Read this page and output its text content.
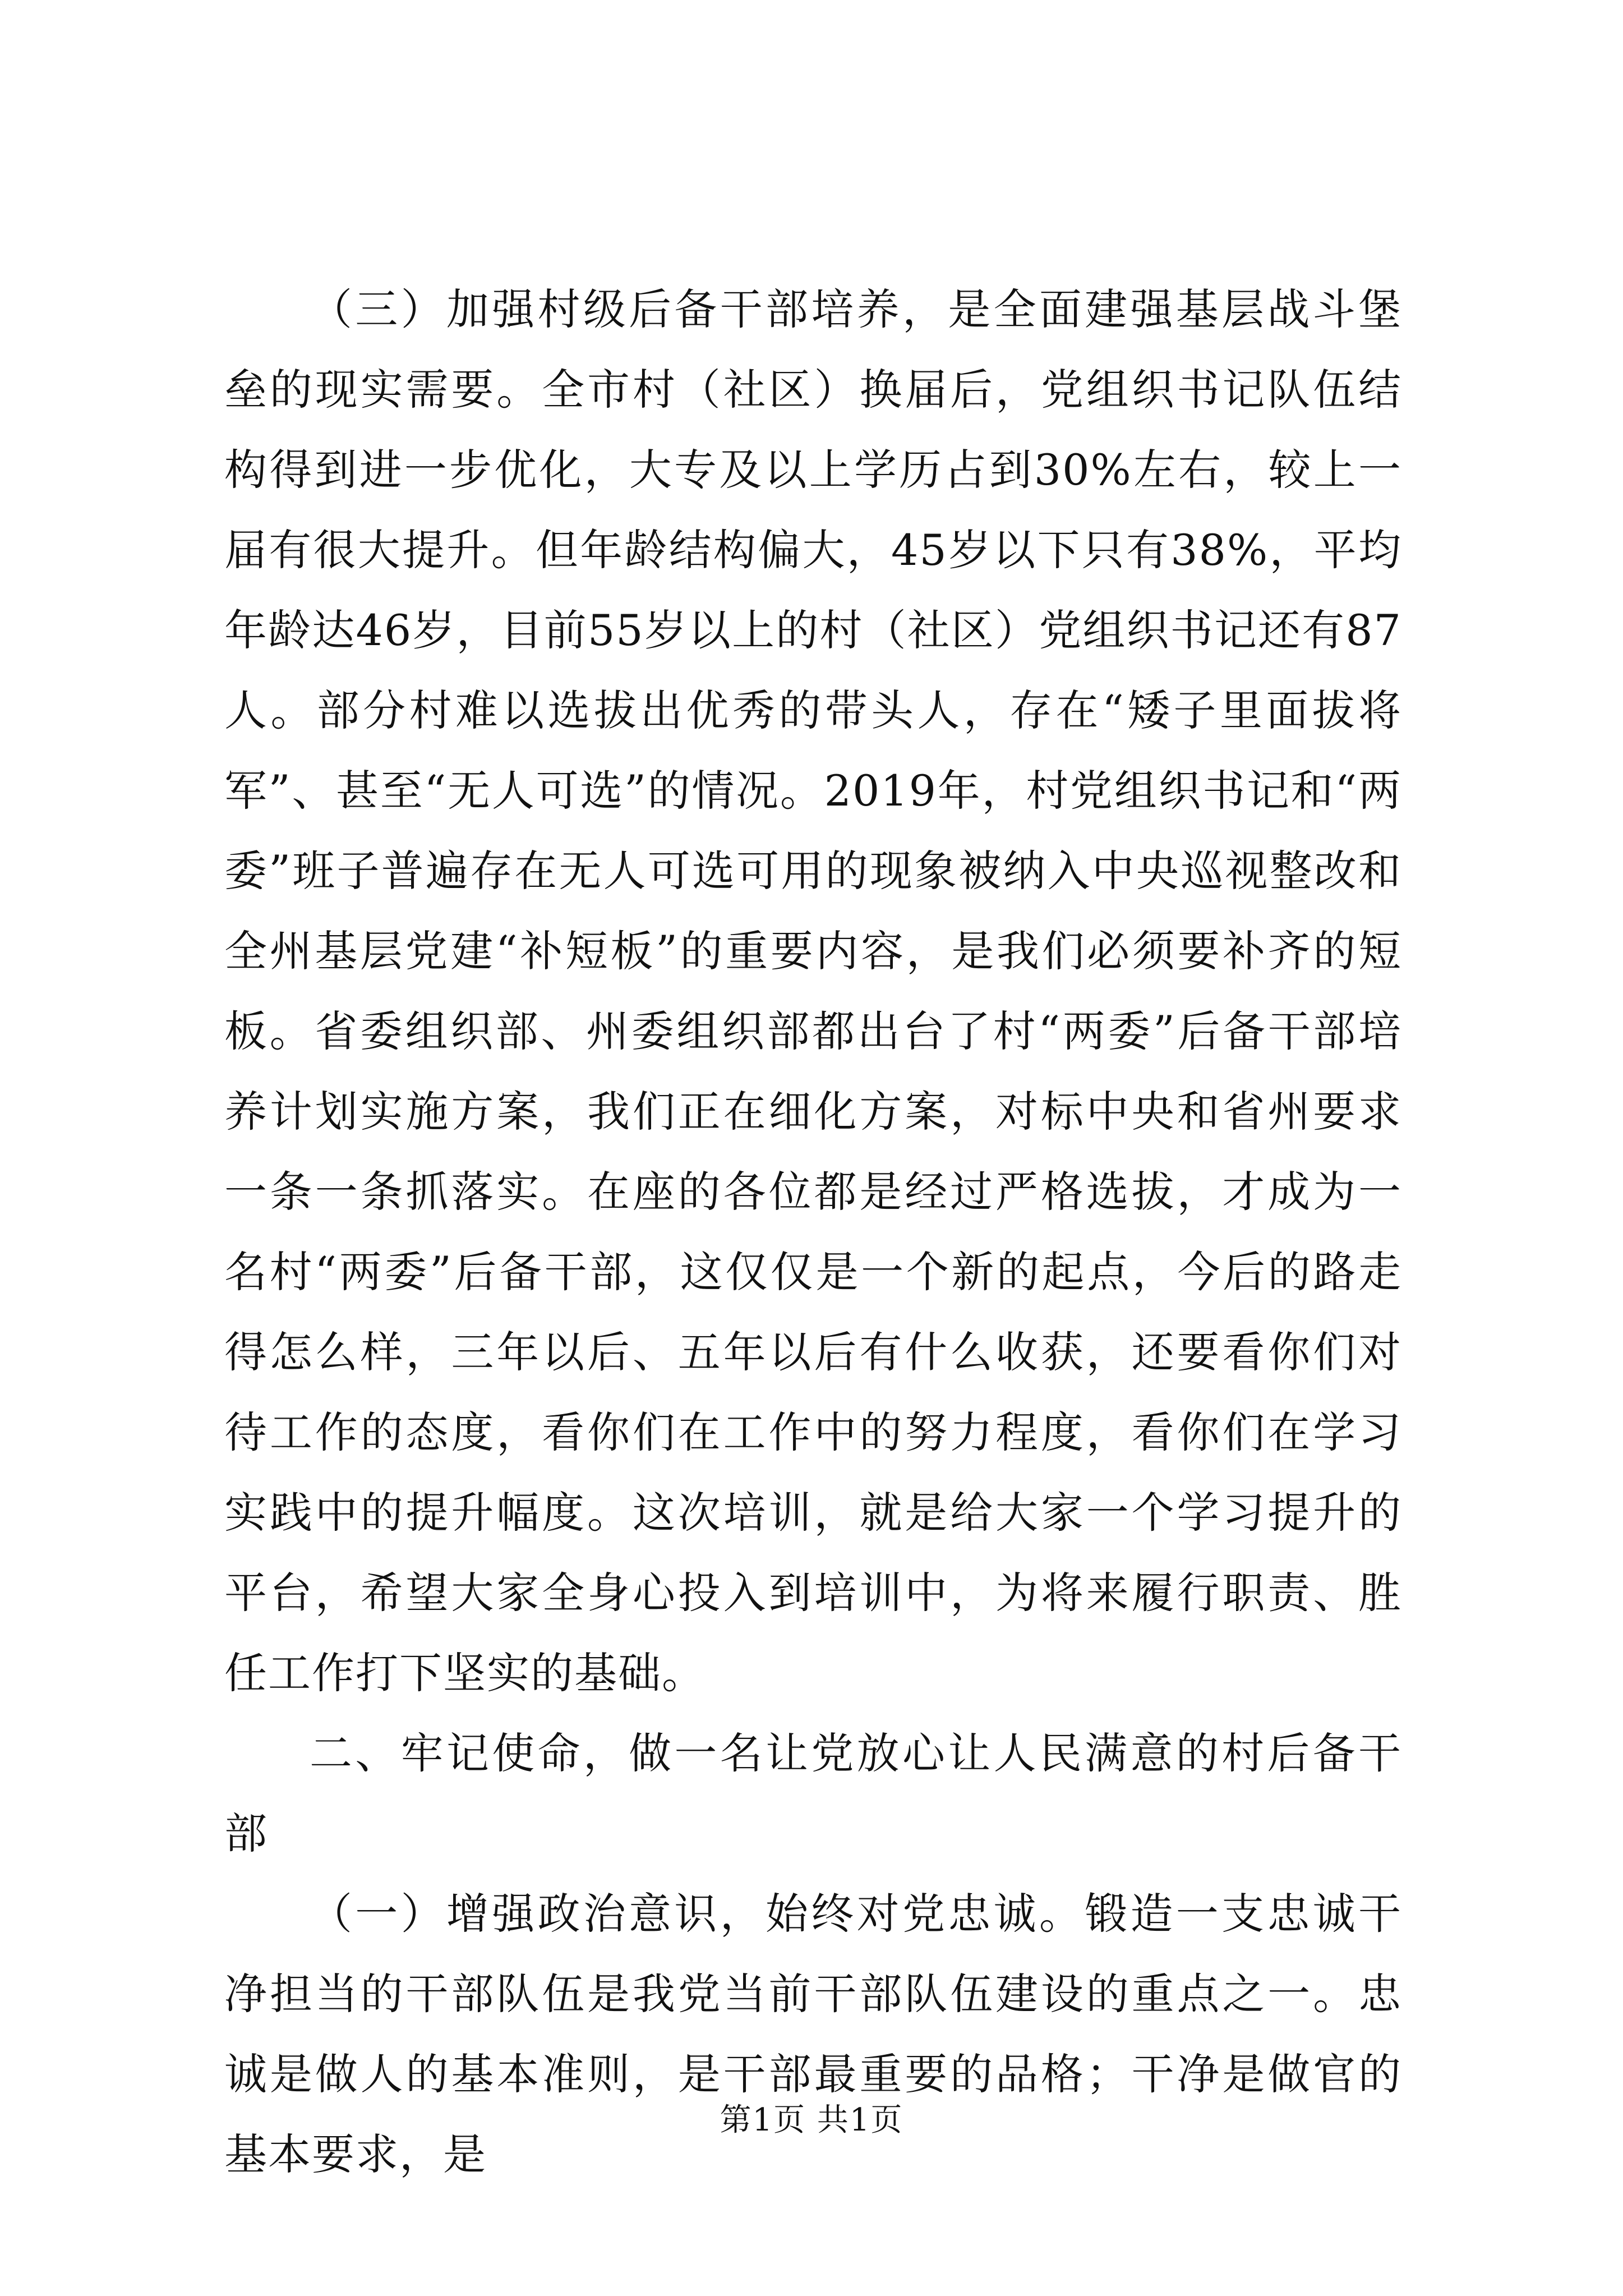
（三）加强村级后备干部培养，是全面建强基层战斗堡垒的现实需要。全市村（社区）换届后，党组织书记队伍结构得到进一步优化，大专及以上学历占到30%左右，较上一届有很大提升。但年龄结构偏大，45岁以下只有38%，平均年龄达46岁，目前55岁以上的村（社区）党组织书记还有87人。部分村难以选拔出优秀的带头人，存在“矮子里面拔将军”、甚至“无人可选”的情况。2019年，村党组织书记和“两委”班子普遍存在无人可选可用的现象被纳入中央巡视整改和全州基层党建“补短板”的重要内容，是我们必须要补齐的短板。省委组织部、州委组织部都出台了村“两委”后备干部培养计划实施方案，我们正在细化方案，对标中央和省州要求一条一条抓落实。在座的各位都是经过严格选拔，才成为一名村“两委”后备干部，这仅仅是一个新的起点，今后的路走得怎么样，三年以后、五年以后有什么收获，还要看你们对待工作的态度，看你们在工作中的努力程度，看你们在学习实践中的提升幅度。这次培训，就是给大家一个学习提升的平台，希望大家全身心投入到培训中，为将来履行职责、胜任工作打下坚实的基础。

二、牢记使命，做一名让党放心让人民满意的村后备干部

（一）增强政治意识，始终对党忠诚。锻造一支忠诚干净担当的干部队伍是我党当前干部队伍建设的重点之一。忠诚是做人的基本准则，是干部最重要的品格；干净是做官的基本要求，是

第1页 共1页
